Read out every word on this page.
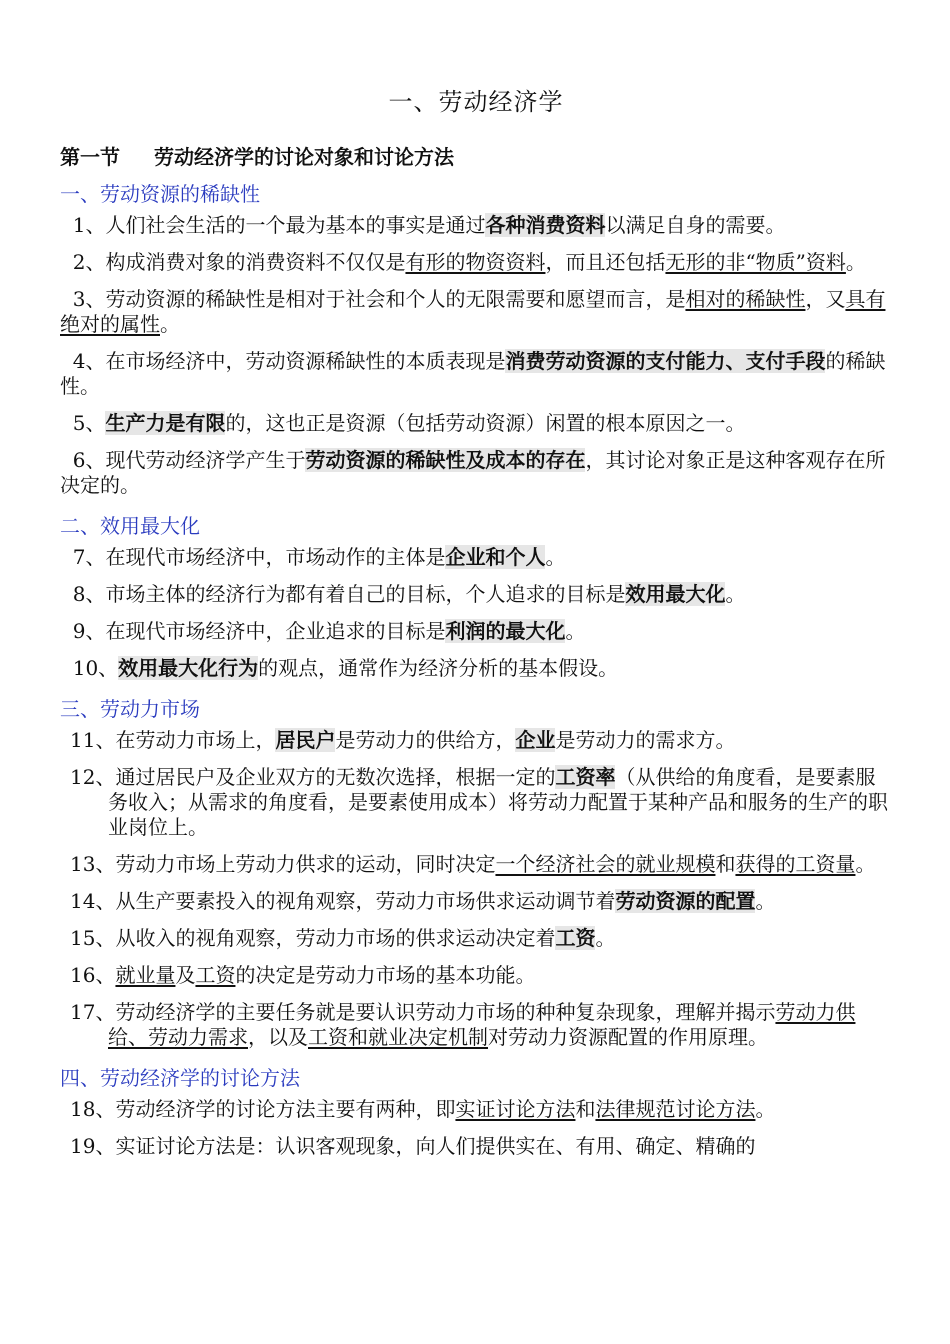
一、劳动经济学
第一节 劳动经济学的讨论对象和讨论方法
一、劳动资源的稀缺性
1、人们社会生活的一个最为基本的事实是通过各种消费资料以满足自身的需要。
2、构成消费对象的消费资料不仅仅是有形的物资资料，而且还包括无形的非“物质”资料。
3、劳动资源的稀缺性是相对于社会和个人的无限需要和愿望而言，是相对的稀缺性，又具有绝对的属性。
4、在市场经济中，劳动资源稀缺性的本质表现是消费劳动资源的支付能力、支付手段的稀缺性。
5、生产力是有限的，这也正是资源（包括劳动资源）闲置的根本原因之一。
6、现代劳动经济学产生于劳动资源的稀缺性及成本的存在，其讨论对象正是这种客观存在所决定的。
二、效用最大化
7、在现代市场经济中，市场动作的主体是企业和个人。
8、市场主体的经济行为都有着自己的目标，个人追求的目标是效用最大化。
9、在现代市场经济中，企业追求的目标是利润的最大化。
10、效用最大化行为的观点，通常作为经济分析的基本假设。
三、劳动力市场
11、在劳动力市场上，居民户是劳动力的供给方，企业是劳动力的需求方。
12、通过居民户及企业双方的无数次选择，根据一定的工资率（从供给的角度看，是要素服务收入；从需求的角度看，是要素使用成本）将劳动力配置于某种产品和服务的生产的职业岗位上。
13、劳动力市场上劳动力供求的运动，同时决定一个经济社会的就业规模和获得的工资量。
14、从生产要素投入的视角观察，劳动力市场供求运动调节着劳动资源的配置。
15、从收入的视角观察，劳动力市场的供求运动决定着工资。
16、就业量及工资的决定是劳动力市场的基本功能。
17、劳动经济学的主要任务就是要认识劳动力市场的种种复杂现象，理解并揭示劳动力供给、劳动力需求，以及工资和就业决定机制对劳动力资源配置的作用原理。
四、劳动经济学的讨论方法
18、劳动经济学的讨论方法主要有两种，即实证讨论方法和法律规范讨论方法。
19、实证讨论方法是：认识客观现象，向人们提供实在、有用、确定、精确的
